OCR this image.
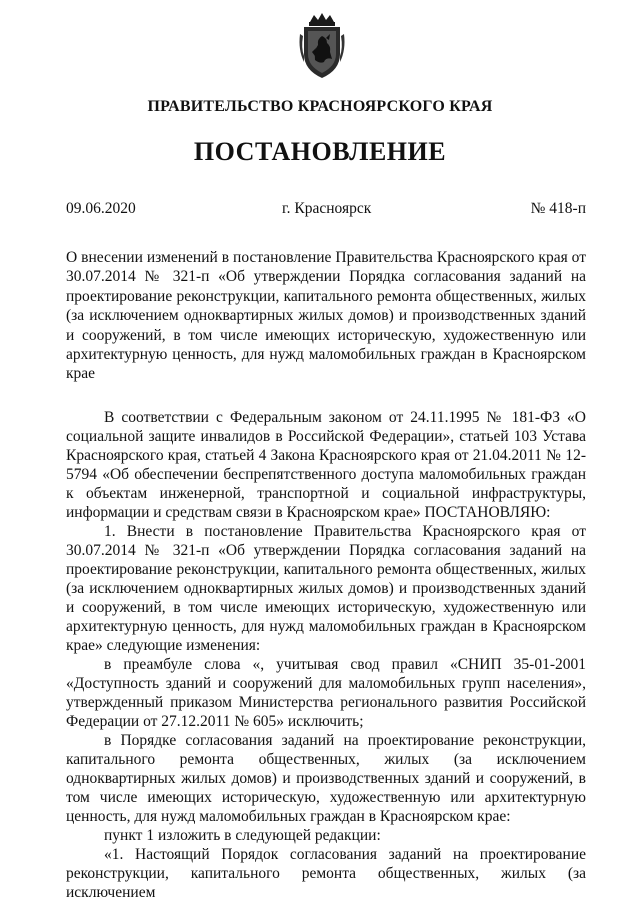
ПРАВИТЕЛЬСТВО КРАСНОЯРСКОГО КРАЯ
ПОСТАНОВЛЕНИЕ
09.06.2020	г. Красноярск	№ 418-п
О внесении изменений в постановление Правительства Красноярского края от 30.07.2014 № 321-п «Об утверждении Порядка согласования заданий на проектирование реконструкции, капитального ремонта общественных, жилых (за исключением одноквартирных жилых домов) и производственных зданий и сооружений, в том числе имеющих историческую, художественную или архитектурную ценность, для нужд маломобильных граждан в Красноярском крае

В соответствии с Федеральным законом от 24.11.1995 № 181-ФЗ «О социальной защите инвалидов в Российской Федерации», статьей 103 Устава Красноярского края, статьей 4 Закона Красноярского края от 21.04.2011 № 12-5794 «Об обеспечении беспрепятственного доступа маломобильных граждан к объектам инженерной, транспортной и социальной инфраструктуры, информации и средствам связи в Красноярском крае» ПОСТАНОВЛЯЮ:

1. Внести в постановление Правительства Красноярского края от 30.07.2014 № 321-п «Об утверждении Порядка согласования заданий на проектирование реконструкции, капитального ремонта общественных, жилых (за исключением одноквартирных жилых домов) и производственных зданий и сооружений, в том числе имеющих историческую, художественную или архитектурную ценность, для нужд маломобильных граждан в Красноярском крае» следующие изменения:

в преамбуле слова «, учитывая свод правил «СНИП 35-01-2001 «Доступность зданий и сооружений для маломобильных групп населения», утвержденный приказом Министерства регионального развития Российской Федерации от 27.12.2011 № 605» исключить;

в Порядке согласования заданий на проектирование реконструкции, капитального ремонта общественных, жилых (за исключением одноквартирных жилых домов) и производственных зданий и сооружений, в том числе имеющих историческую, художественную или архитектурную ценность, для нужд маломобильных граждан в Красноярском крае:

пункт 1 изложить в следующей редакции:

«1. Настоящий Порядок согласования заданий на проектирование реконструкции, капитального ремонта общественных, жилых (за исключением
